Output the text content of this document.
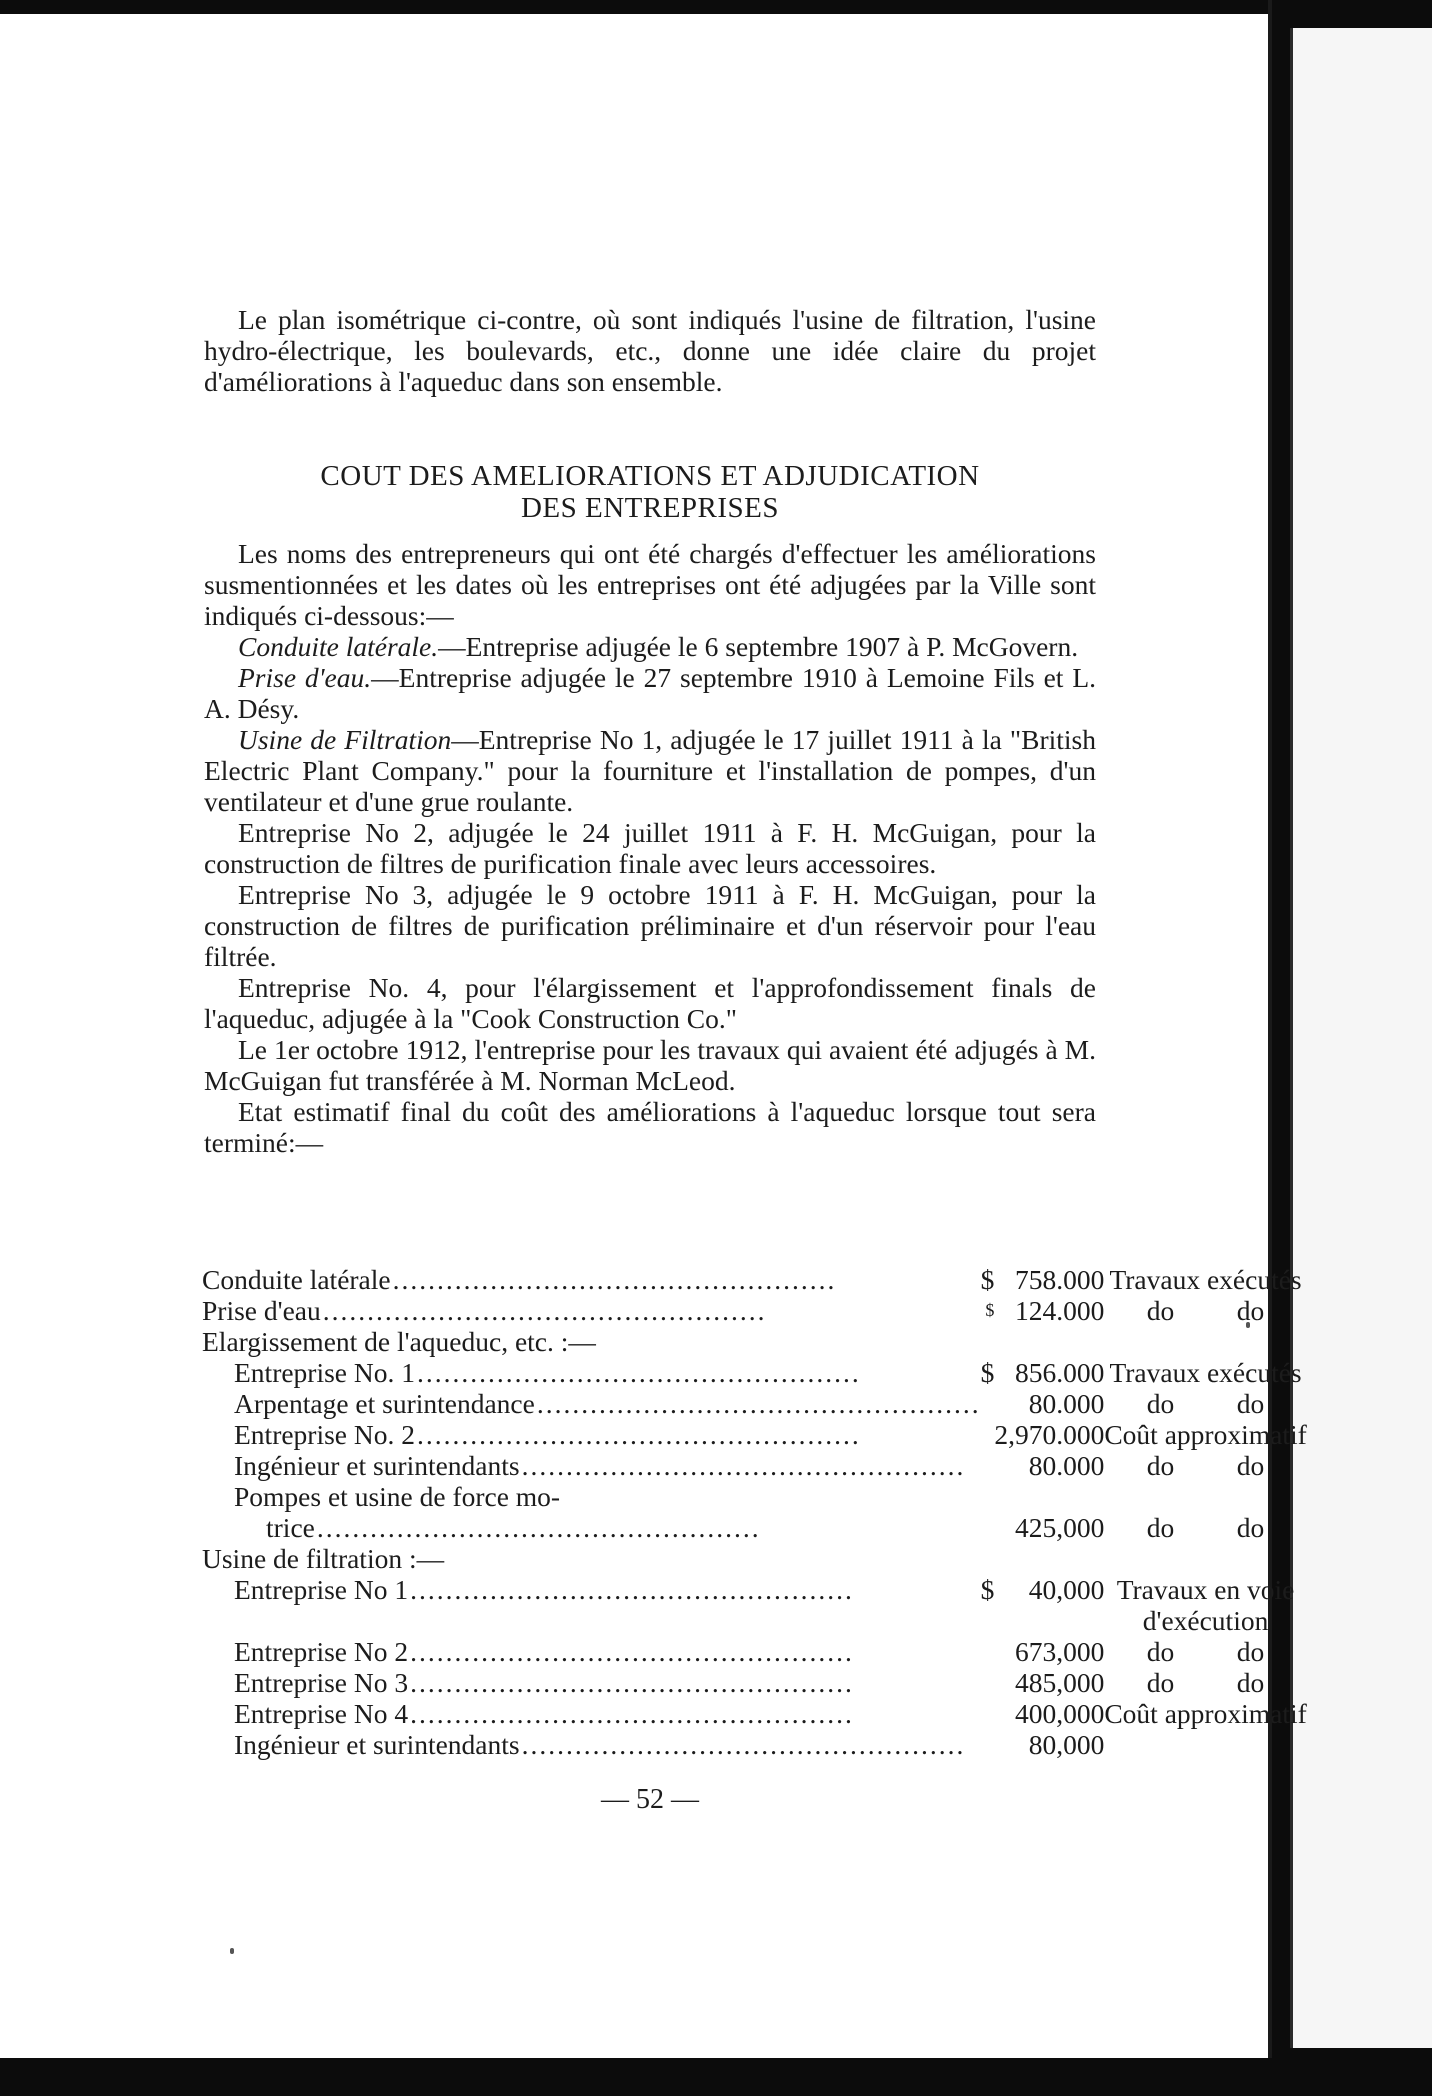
Le plan isométrique ci-contre, où sont indiqués l'usine de filtration, l'usine hydro-électrique, les boulevards, etc., donne une idée claire du projet d'améliorations à l'aqueduc dans son ensemble.

COUT DES AMELIORATIONS ET ADJUDICATION
DES ENTREPRISES

Les noms des entrepreneurs qui ont été chargés d'effectuer les améliorations susmentionnées et les dates où les entreprises ont été adjugées par la Ville sont indiqués ci-dessous:—

Conduite latérale.—Entreprise adjugée le 6 septembre 1907 à P. McGovern.

Prise d'eau.—Entreprise adjugée le 27 septembre 1910 à Lemoine Fils et L. A. Désy.

Usine de Filtration—Entreprise No 1, adjugée le 17 juillet 1911 à la "British Electric Plant Company." pour la fourniture et l'installation de pompes, d'un ventilateur et d'une grue roulante.

Entreprise No 2, adjugée le 24 juillet 1911 à F. H. McGuigan, pour la construction de filtres de purification finale avec leurs accessoires.

Entreprise No 3, adjugée le 9 octobre 1911 à F. H. McGuigan, pour la construction de filtres de purification préliminaire et d'un réservoir pour l'eau filtrée.

Entreprise No. 4, pour l'élargissement et l'approfondissement finals de l'aqueduc, adjugée à la "Cook Construction Co."

Le 1er octobre 1912, l'entreprise pour les travaux qui avaient été adjugés à M. McGuigan fut transférée à M. Norman McLeod.

Etat estimatif final du coût des améliorations à l'aqueduc lorsque tout sera terminé:—

Conduite latérale..................................................	$	758.000	Travaux exécutés
Prise d'eau..................................................	$	124.000	do do
Elargissement de l'aqueduc, etc. :—			
Entreprise No. 1..................................................	$	856.000	Travaux exécutés
Arpentage et surintendance..................................................		80.000	do do
Entreprise No. 2..................................................		2,970.000	Coût approximatif
Ingénieur et surintendants..................................................		80.000	do do
Pompes et usine de force mo-			
trice..................................................		425,000	do do
Usine de filtration :—			
Entreprise No 1..................................................	$	40,000	Travaux en voie
			d'exécution
Entreprise No 2..................................................		673,000	do do
Entreprise No 3..................................................		485,000	do do
Entreprise No 4..................................................		400,000	Coût approximatif
Ingénieur et surintendants..................................................		80,000	
— 52 —
